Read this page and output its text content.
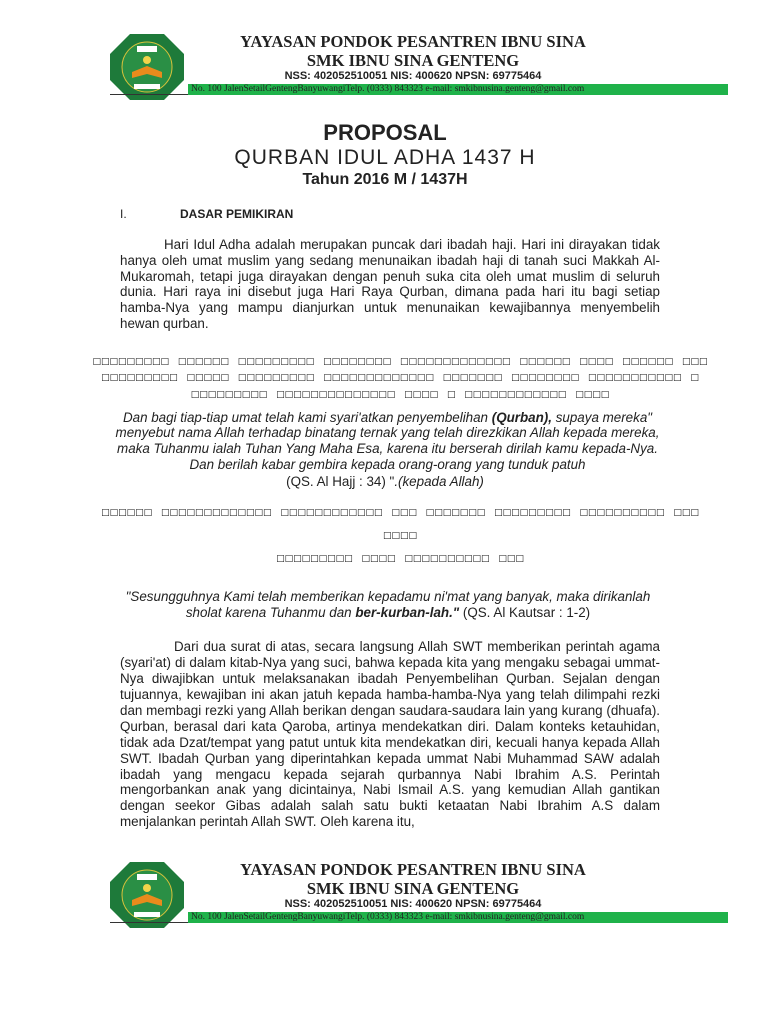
YAYASAN PONDOK PESANTREN IBNU SINA
SMK IBNU SINA GENTENG
NSS: 402052510051 NIS: 400620 NPSN: 69775464
No. 100 JalenSetailGentengBanyuwangiTelp. (0333) 843323 e-mail: smkibnusina.genteng@gmail.com
PROPOSAL
QURBAN IDUL ADHA 1437 H
Tahun 2016 M / 1437H
I.	DASAR PEMIKIRAN
Hari Idul Adha adalah merupakan puncak dari ibadah haji. Hari ini dirayakan tidak hanya oleh umat muslim yang sedang menunaikan ibadah haji di tanah suci Makkah Al-Mukaromah, tetapi juga dirayakan dengan penuh suka cita oleh umat muslim di seluruh dunia. Hari raya ini disebut juga Hari Raya Qurban, dimana pada hari itu bagi setiap hamba-Nya yang mampu dianjurkan untuk menunaikan kewajibannya menyembelih hewan qurban.
□□□□□□□□□ □□□□□□ □□□□□□□□□ □□□□□□□□ □□□□□□□□□□□□□ □□□□□□ □□□□ □□□□□□ □□□
□□□□□□□□□ □□□□□ □□□□□□□□□ □□□□□□□□□□□□□ □□□□□□□ □□□□□□□□ □□□□□□□□□□□ □
□□□□□□□□□ □□□□□□□□□□□□□□ □□□□ □ □□□□□□□□□□□□ □□□□
Dan bagi tiap-tiap umat telah kami syari'atkan penyembelihan (Qurban), supaya mereka" menyebut nama Allah terhadap binatang ternak yang telah direzkikan Allah kepada mereka, maka Tuhanmu ialah Tuhan Yang Maha Esa, karena itu berserah dirilah kamu kepada-Nya. Dan berilah kabar gembira kepada orang-orang yang tunduk patuh
(QS. Al Hajj : 34) ".(kepada Allah)
□□□□□□ □□□□□□□□□□□□□ □□□□□□□□□□□□ □□□ □□□□□□□ □□□□□□□□□ □□□□□□□□□□ □□□ □□□□
□□□□□□□□□ □□□□ □□□□□□□□□□ □□□
"Sesungguhnya Kami telah memberikan kepadamu ni'mat yang banyak, maka dirikanlah sholat karena Tuhanmu dan ber-kurban-lah." (QS. Al Kautsar : 1-2)
Dari dua surat di atas, secara langsung Allah SWT memberikan perintah agama (syari'at) di dalam kitab-Nya yang suci, bahwa kepada kita yang mengaku sebagai ummat-Nya diwajibkan untuk melaksanakan ibadah Penyembelihan Qurban. Sejalan dengan tujuannya, kewajiban ini akan jatuh kepada hamba-hamba-Nya yang telah dilimpahi rezki dan membagi rezki yang Allah berikan dengan saudara-saudara lain yang kurang (dhuafa). Qurban, berasal dari kata Qaroba, artinya mendekatkan diri. Dalam konteks ketauhidan, tidak ada Dzat/tempat yang patut untuk kita mendekatkan diri, kecuali hanya kepada Allah SWT. Ibadah Qurban yang diperintahkan kepada ummat Nabi Muhammad SAW adalah ibadah yang mengacu kepada sejarah qurbannya Nabi Ibrahim A.S. Perintah mengorbankan anak yang dicintainya, Nabi Ismail A.S. yang kemudian Allah gantikan dengan seekor Gibas adalah salah satu bukti ketaatan Nabi Ibrahim A.S dalam menjalankan perintah Allah SWT. Oleh karena itu,
YAYASAN PONDOK PESANTREN IBNU SINA
SMK IBNU SINA GENTENG
NSS: 402052510051 NIS: 400620 NPSN: 69775464
No. 100 JalenSetailGentengBanyuwangiTelp. (0333) 843323 e-mail: smkibnusina.genteng@gmail.com
